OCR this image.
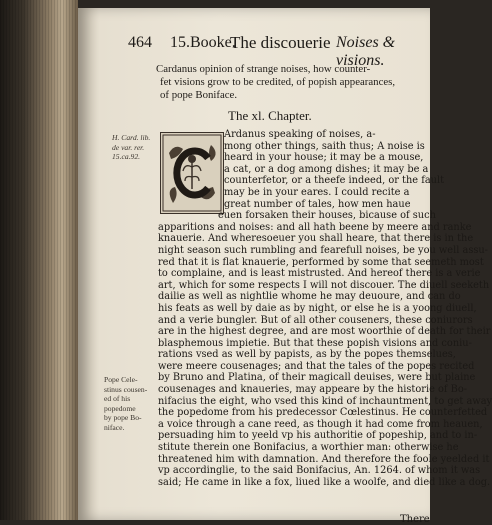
464 15.Booke.
The discouerie Noises & visions.
Cardanus opinion of strange noises, how counter-
fet visions grow to be credited, of popish appearances,
of pope Boniface.
The xl. Chapter.
H. Card. lib.
de var. rer.
15.ca.92.
Pope Cele-
stinus cousen-
ed of his
popedome
by pope Bo-
niface.
Ardanus speaking of noises, a-
mong other things, saith thus; A noise is
heard in your house; it may be a mouse,
a cat, or a dog among dishes; it may be a
counterfetor, or a theefe indeed, or the fault
may be in your eares. I could recite a
great number of tales, how men haue
euen forsaken their houses, bicause of such
apparitions and noises: and all hath beene by meere and ranke
knauerie. And wheresoeuer you shall heare, that there is in the
night season such rumbling and fearefull noises, be you well assu-
red that it is flat knauerie, performed by some that seemeth most
to complaine, and is least mistrusted. And hereof there is a verie
art, which for some respects I will not discouer. The diuell seeketh
dailie as well as nightlie whome he may deuoure, and can do
his feats as well by daie as by night, or else he is a yoong diuell,
and a verie bungler. But of all other couseners, these coniurors
are in the highest degree, and are most woorthie of death for their
blasphemous impietie. But that these popish visions and coniu-
rations vsed as well by papists, as by the popes themselues,
were meere cousenages; and that the tales of the popes recited
by Bruno and Platina, of their magicall deuises, were but plaine
cousenages and knaueries, may appeare by the historie of Bo-
nifacius the eight, who vsed this kind of inchauntment, to get away
the popedome from his predecessor Cœlestinus. He counterfetted
a voice through a cane reed, as though it had come from heauen,
persuading him to yeeld vp his authoritie of popeship, and to in-
stitute therein one Bonifacius, a worthier man: otherwise he
threatened him with damnation. And therefore the foole yeelded it
vp accordinglie, to the said Bonifacius, An. 1264. of whom it was
said; He came in like a fox, liued like a woolfe, and died like a dog.
There
